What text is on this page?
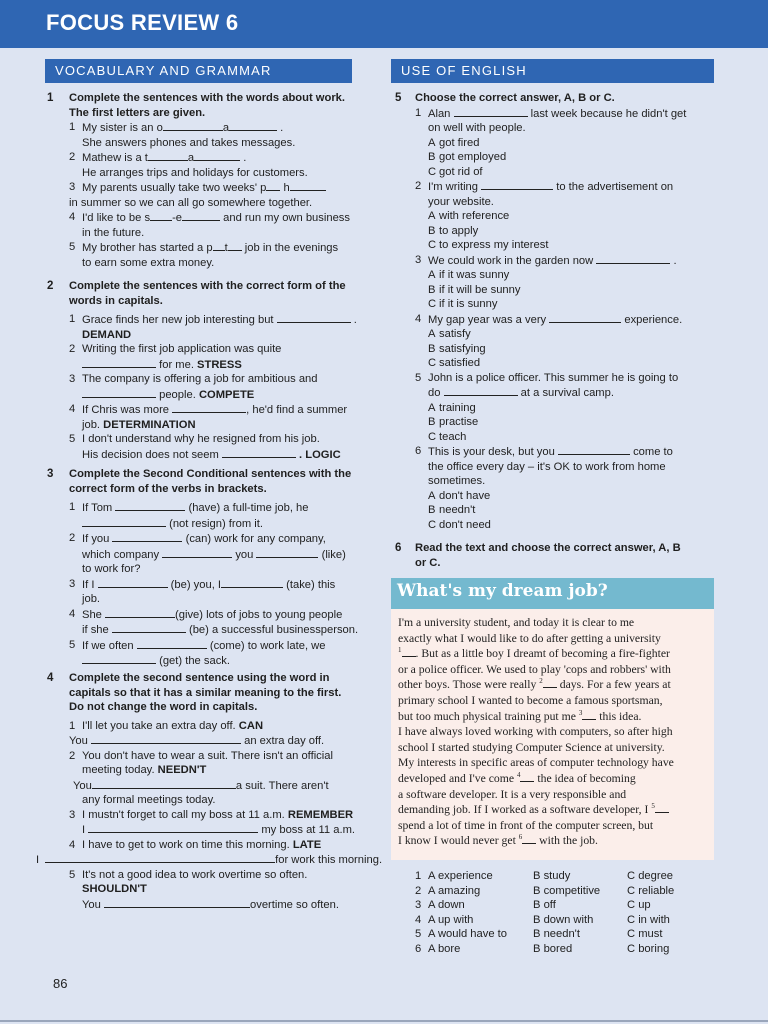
FOCUS REVIEW 6
VOCABULARY AND GRAMMAR	USE OF ENGLISH
1 Complete the sentences with the words about work.
The first letters are given.
1 My sister is an o	a	.
She answers phones and takes messages.
2 Mathew is a t	a	.
He arranges trips and holidays for customers.
3 My parents usually take two weeks' p h
in summer so we can all go somewhere together.
4 I'd like to be s -e	and run my own business
in the future.
5 My brother has started a p t job in the evenings
to earn some extra money.
2 Complete the sentences with the correct form of the
words in capitals.
1 Grace finds her new job interesting but	.
DEMAND
2 Writing the first job application was quite
for me. STRESS
3 The company is offering a job for ambitious and
people. COMPETE
4 If Chris was more	, he'd find a summer
job. DETERMINATION
5 I don't understand why he resigned from his job.
His decision does not seem	. LOGIC
3 Complete the Second Conditional sentences with the
correct form of the verbs in brackets.
1 If Tom	(have) a full-time job, he
(not resign) from it.
2 If you	(can) work for any company,
which company	you	(like)
to work for?
3 If I	(be) you, I	(take) this
job.
4 She	(give) lots of jobs to young people
if she	(be) a successful businessperson.
5 If we often	(come) to work late, we
(get) the sack.
4 Complete the second sentence using the word in
capitals so that it has a similar meaning to the first.
Do not change the word in capitals.
1 I'll let you take an extra day off. CAN
You	an extra day off.
2 You don't have to wear a suit. There isn't an official
meeting today. NEEDN'T
You	a suit. There aren't
any formal meetings today.
3 I mustn't forget to call my boss at 11 a.m. REMEMBER
I	my boss at 11 a.m.
4 I have to get to work on time this morning. LATE
I	for work this morning.
5 It's not a good idea to work overtime so often.
SHOULDN'T
You	overtime so often.
5 Choose the correct answer, A, B or C.
1 Alan	last week because he didn't get
on well with people.
A got fired
B got employed
C got rid of
2 I'm writing	to the advertisement on
your website.
A with reference
B to apply
C to express my interest
3 We could work in the garden now	.
A if it was sunny
B if it will be sunny
C if it is sunny
4 My gap year was a very	experience.
A satisfy
B satisfying
C satisfied
5 John is a police officer. This summer he is going to
do	at a survival camp.
A training
B practise
C teach
6 This is your desk, but you	come to
the office every day – it's OK to work from home
sometimes.
A don't have
B needn't
C don't need
6 Read the text and choose the correct answer, A, B
or C.
What's my dream job?
I'm a university student, and today it is clear to me
exactly what I would like to do after getting a university
$^1$ . But as a little boy I dreamt of becoming a fire-fighter
or a police officer. We used to play 'cops and robbers' with
other boys. Those were really $^2$ days. For a few years at
primary school I wanted to become a famous sportsman,
but too much physical training put me $^3$ this idea.
I have always loved working with computers, so after high
school I started studying Computer Science at university.
My interests in specific areas of computer technology have
developed and I've come $^4$ the idea of becoming
a software developer. It is a very responsible and
demanding job. If I worked as a software developer, I $^5$
spend a lot of time in front of the computer screen, but
I know I would never get $^6$ with the job.
1 A experience	B study	C degree
2 A amazing	B competitive C reliable
3 A down	B off	C up
4 A up with	B down with	C in with
5 A would have to B needn't	C must
6 A bore	B bored	C boring
86
